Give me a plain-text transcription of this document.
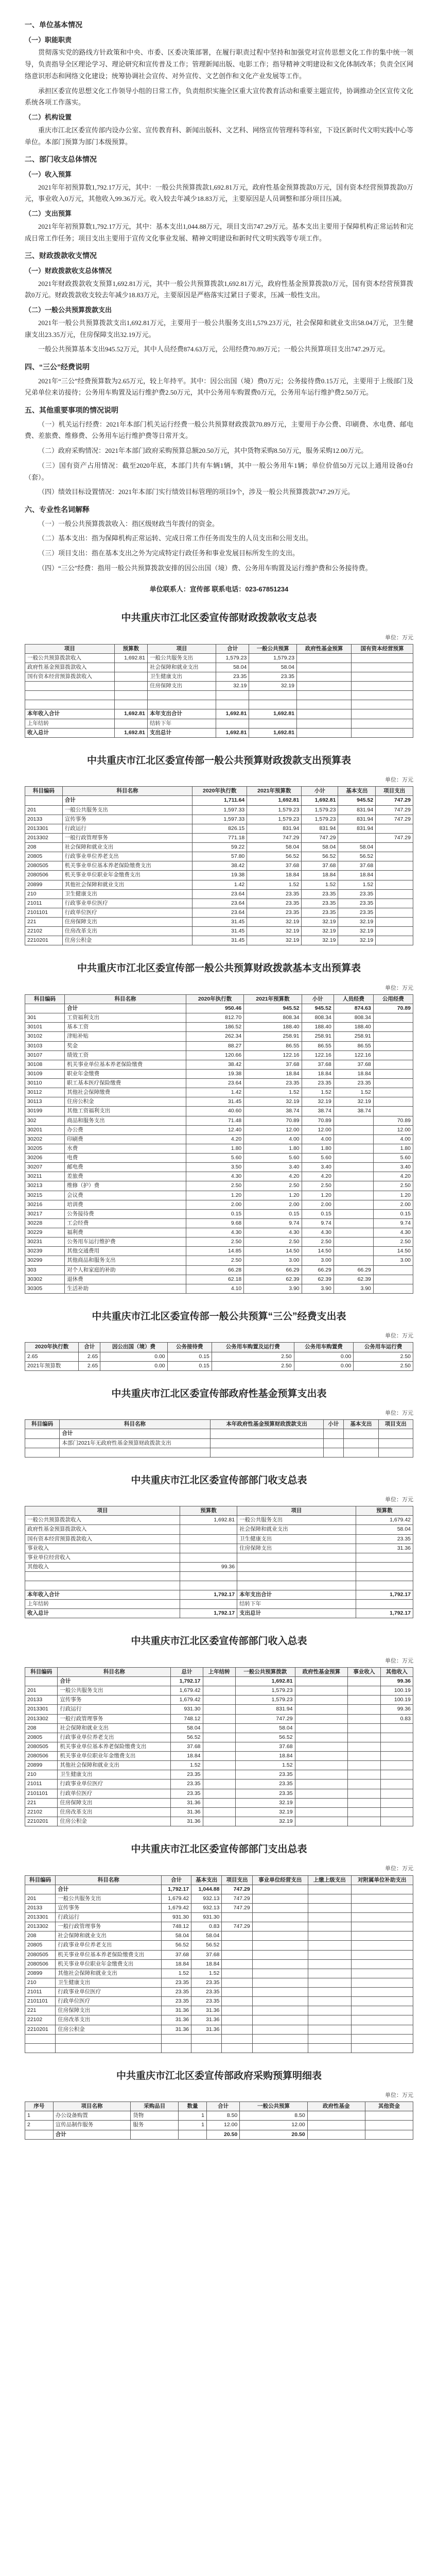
一、单位基本情况
（一）职能职责

贯彻落实党的路线方针政策和中央、市委、区委决策部署，在履行职责过程中坚持和加强党对宣传思想文化工作的集中统一领导，负责指导全区理论学习、理论研究和宣传普及工作；管理新闻出版、电影工作；指导精神文明建设和文化体制改革；负责全区网络意识形态和网络文化建设；统筹协调社会宣传、对外宣传、文艺创作和文化产业发展等工作。

承担区委宣传思想文化工作领导小组的日常工作，负责组织实施全区重大宣传教育活动和重要主题宣传，协调推动全区宣传文化系统各项工作落实。

（二）机构设置

重庆市江北区委宣传部内设办公室、宣传教育科、新闻出版科、文艺科、网络宣传管理科等科室，下设区新时代文明实践中心等单位。本部门预算为部门本级预算。

二、部门收支总体情况
（一）收入预算

2021年年初预算数1,792.17万元，其中：一般公共预算拨款1,692.81万元，政府性基金预算拨款0万元，国有资本经营预算拨款0万元，事业收入0万元，其他收入99.36万元。收入较去年减少18.83万元，主要原因是人员调整和部分项目压减。

（二）支出预算

2021年年初预算数1,792.17万元，其中：基本支出1,044.88万元，项目支出747.29万元。基本支出主要用于保障机构正常运转和完成日常工作任务；项目支出主要用于宣传文化事业发展、精神文明建设和新时代文明实践等专项工作。

三、财政拨款收支情况
（一）财政拨款收支总体情况

2021年财政拨款收支预算1,692.81万元，其中一般公共预算拨款1,692.81万元，政府性基金预算拨款0万元，国有资本经营预算拨款0万元。财政拨款收支较去年减少18.83万元，主要原因是严格落实过紧日子要求，压减一般性支出。

（二）一般公共预算拨款支出

2021年一般公共预算拨款支出1,692.81万元，主要用于一般公共服务支出1,579.23万元，社会保障和就业支出58.04万元，卫生健康支出23.35万元，住房保障支出32.19万元。

一般公共预算基本支出945.52万元，其中人员经费874.63万元，公用经费70.89万元；一般公共预算项目支出747.29万元。

四、“三公”经费说明

2021年“三公”经费预算数为2.65万元，较上年持平。其中：因公出国（境）费0万元；公务接待费0.15万元，主要用于上级部门及兄弟单位来访接待；公务用车购置及运行维护费2.50万元，其中公务用车购置费0万元，公务用车运行维护费2.50万元。

五、其他重要事项的情况说明

（一）机关运行经费：2021年本部门机关运行经费一般公共预算财政拨款70.89万元，主要用于办公费、印刷费、水电费、邮电费、差旅费、维修费、公务用车运行维护费等日常开支。

（二）政府采购情况：2021年本部门政府采购预算总额20.50万元，其中货物采购8.50万元，服务采购12.00万元。

（三）国有资产占用情况：截至2020年底，本部门共有车辆1辆，其中一般公务用车1辆；单位价值50万元以上通用设备0台（套）。

（四）绩效目标设置情况：2021年本部门实行绩效目标管理的项目9个，涉及一般公共预算拨款747.29万元。

六、专业性名词解释

（一）一般公共预算拨款收入：指区级财政当年拨付的资金。

（二）基本支出：指为保障机构正常运转、完成日常工作任务而发生的人员支出和公用支出。

（三）项目支出：指在基本支出之外为完成特定行政任务和事业发展目标所发生的支出。

（四）“三公”经费：指用一般公共预算拨款安排的因公出国（境）费、公务用车购置及运行维护费和公务接待费。

单位联系人：宣传部 联系电话：023-67851234
中共重庆市江北区委宣传部财政拨款收支总表
单位：万元
项目	预算数	项目	合计	一般公共预算	政府性基金预算	国有资本经营预算
一般公共预算拨款收入	1,692.81	一般公共服务支出	1,579.23	1,579.23		
政府性基金预算拨款收入		社会保障和就业支出	58.04	58.04		
国有资本经营预算拨款收入		卫生健康支出	23.35	23.35		
		住房保障支出	32.19	32.19		

本年收入合计	1,692.81	本年支出合计	1,692.81	1,692.81		
上年结转		结转下年				
收入总计	1,692.81	支出总计	1,692.81	1,692.81		
中共重庆市江北区委宣传部一般公共预算财政拨款支出预算表
单位：万元
科目编码	科目名称	2020年执行数	2021年预算数	小计	基本支出	项目支出
	合计	1,711.64	1,692.81	1,692.81	945.52	747.29
201	一般公共服务支出	1,597.33	1,579.23	1,579.23	831.94	747.29
20133	宣传事务	1,597.33	1,579.23	1,579.23	831.94	747.29
2013301	行政运行	826.15	831.94	831.94	831.94	
2013302	一般行政管理事务	771.18	747.29	747.29		747.29
208	社会保障和就业支出	59.22	58.04	58.04	58.04	
20805	行政事业单位养老支出	57.80	56.52	56.52	56.52	
2080505	机关事业单位基本养老保险缴费支出	38.42	37.68	37.68	37.68	
2080506	机关事业单位职业年金缴费支出	19.38	18.84	18.84	18.84	
20899	其他社会保障和就业支出	1.42	1.52	1.52	1.52	
210	卫生健康支出	23.64	23.35	23.35	23.35	
21011	行政事业单位医疗	23.64	23.35	23.35	23.35	
2101101	行政单位医疗	23.64	23.35	23.35	23.35	
221	住房保障支出	31.45	32.19	32.19	32.19	
22102	住房改革支出	31.45	32.19	32.19	32.19	
2210201	住房公积金	31.45	32.19	32.19	32.19	
中共重庆市江北区委宣传部一般公共预算财政拨款基本支出预算表
单位：万元
科目编码	科目名称	2020年执行数	2021年预算数	小计	人员经费	公用经费
	合计	950.46	945.52	945.52	874.63	70.89
301	工资福利支出	812.70	808.34	808.34	808.34	
30101	基本工资	186.52	188.40	188.40	188.40	
30102	津贴补贴	262.34	258.91	258.91	258.91	
30103	奖金	88.27	86.55	86.55	86.55	
30107	绩效工资	120.66	122.16	122.16	122.16	
30108	机关事业单位基本养老保险缴费	38.42	37.68	37.68	37.68	
30109	职业年金缴费	19.38	18.84	18.84	18.84	
30110	职工基本医疗保险缴费	23.64	23.35	23.35	23.35	
30112	其他社会保障缴费	1.42	1.52	1.52	1.52	
30113	住房公积金	31.45	32.19	32.19	32.19	
30199	其他工资福利支出	40.60	38.74	38.74	38.74	
302	商品和服务支出	71.48	70.89	70.89		70.89
30201	办公费	12.40	12.00	12.00		12.00
30202	印刷费	4.20	4.00	4.00		4.00
30205	水费	1.80	1.80	1.80		1.80
30206	电费	5.60	5.60	5.60		5.60
30207	邮电费	3.50	3.40	3.40		3.40
30211	差旅费	4.30	4.20	4.20		4.20
30213	维修（护）费	2.50	2.50	2.50		2.50
30215	会议费	1.20	1.20	1.20		1.20
30216	培训费	2.00	2.00	2.00		2.00
30217	公务接待费	0.15	0.15	0.15		0.15
30228	工会经费	9.68	9.74	9.74		9.74
30229	福利费	4.30	4.30	4.30		4.30
30231	公务用车运行维护费	2.50	2.50	2.50		2.50
30239	其他交通费用	14.85	14.50	14.50		14.50
30299	其他商品和服务支出	2.50	3.00	3.00		3.00
303	对个人和家庭的补助	66.28	66.29	66.29	66.29	
30302	退休费	62.18	62.39	62.39	62.39	
30305	生活补助	4.10	3.90	3.90	3.90	
中共重庆市江北区委宣传部一般公共预算“三公”经费支出表
单位：万元
2020年执行数	合计	因公出国（境）费	公务接待费	公务用车购置及运行费	公务用车购置费	公务用车运行费
2.65	2.65	0.00	0.15	2.50	0.00	2.50
2021年预算数	2.65	0.00	0.15	2.50	0.00	2.50
中共重庆市江北区委宣传部政府性基金预算支出表
单位：万元
科目编码	科目名称	本年政府性基金预算财政拨款支出	小计	基本支出	项目支出
	合计				
	本部门2021年无政府性基金预算财政拨款支出				

中共重庆市江北区委宣传部部门收支总表
单位：万元
项目	预算数	项目	预算数
一般公共预算拨款收入	1,692.81	一般公共服务支出	1,679.42
政府性基金预算拨款收入		社会保障和就业支出	58.04
国有资本经营预算拨款收入		卫生健康支出	23.35
事业收入		住房保障支出	31.36
事业单位经营收入			
其他收入	99.36		

本年收入合计	1,792.17	本年支出合计	1,792.17
上年结转		结转下年	
收入总计	1,792.17	支出总计	1,792.17
中共重庆市江北区委宣传部部门收入总表
单位：万元
科目编码	科目名称	总计	上年结转	一般公共预算拨款	政府性基金预算	事业收入	其他收入
	合计	1,792.17		1,692.81			99.36
201	一般公共服务支出	1,679.42		1,579.23			100.19
20133	宣传事务	1,679.42		1,579.23			100.19
2013301	行政运行	931.30		831.94			99.36
2013302	一般行政管理事务	748.12		747.29			0.83
208	社会保障和就业支出	58.04		58.04			
20805	行政事业单位养老支出	56.52		56.52			
2080505	机关事业单位基本养老保险缴费支出	37.68		37.68			
2080506	机关事业单位职业年金缴费支出	18.84		18.84			
20899	其他社会保障和就业支出	1.52		1.52			
210	卫生健康支出	23.35		23.35			
21011	行政事业单位医疗	23.35		23.35			
2101101	行政单位医疗	23.35		23.35			
221	住房保障支出	31.36		32.19			
22102	住房改革支出	31.36		32.19			
2210201	住房公积金	31.36		32.19			
中共重庆市江北区委宣传部部门支出总表
单位：万元
科目编码	科目名称	合计	基本支出	项目支出	事业单位经营支出	上缴上级支出	对附属单位补助支出
	合计	1,792.17	1,044.88	747.29			
201	一般公共服务支出	1,679.42	932.13	747.29			
20133	宣传事务	1,679.42	932.13	747.29			
2013301	行政运行	931.30	931.30				
2013302	一般行政管理事务	748.12	0.83	747.29			
208	社会保障和就业支出	58.04	58.04				
20805	行政事业单位养老支出	56.52	56.52				
2080505	机关事业单位基本养老保险缴费支出	37.68	37.68				
2080506	机关事业单位职业年金缴费支出	18.84	18.84				
20899	其他社会保障和就业支出	1.52	1.52				
210	卫生健康支出	23.35	23.35				
21011	行政事业单位医疗	23.35	23.35				
2101101	行政单位医疗	23.35	23.35				
221	住房保障支出	31.36	31.36				
22102	住房改革支出	31.36	31.36				
2210201	住房公积金	31.36	31.36				

中共重庆市江北区委宣传部政府采购预算明细表
单位：万元
序号	项目名称	采购品目	数量	合计	一般公共预算	政府性基金	其他资金
1	办公设备购置	货物	1	8.50	8.50		
2	宣传品制作服务	服务	1	12.00	12.00		
	合计			20.50	20.50		
